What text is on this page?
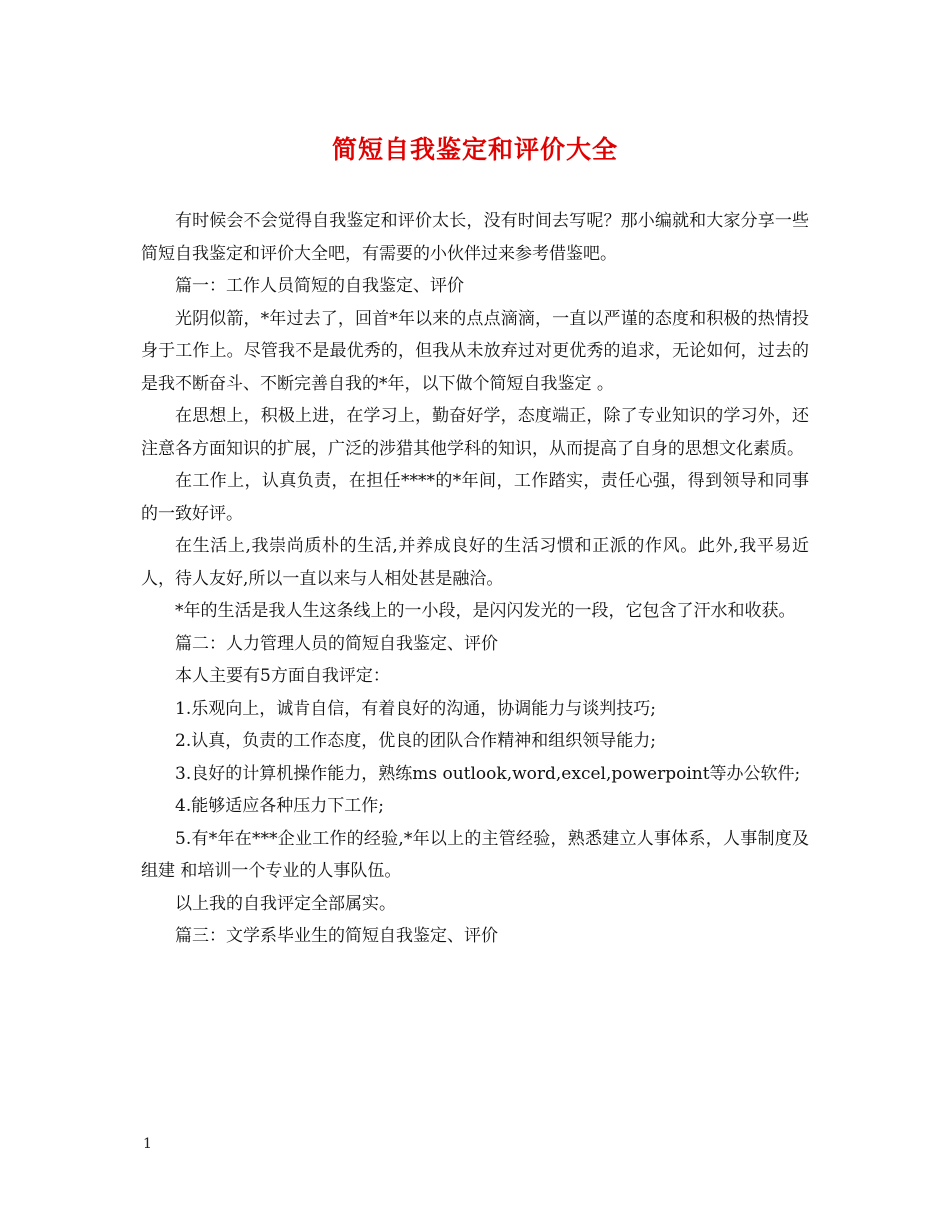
简短自我鉴定和评价大全

有时候会不会觉得自我鉴定和评价太长，没有时间去写呢？那小编就和大家分享一些简短自我鉴定和评价大全吧，有需要的小伙伴过来参考借鉴吧。

篇一：工作人员简短的自我鉴定、评价

光阴似箭，*年过去了，回首*年以来的点点滴滴，一直以严谨的态度和积极的热情投身于工作上。尽管我不是最优秀的，但我从未放弃过对更优秀的追求，无论如何，过去的是我不断奋斗、不断完善自我的*年，以下做个简短自我鉴定 。

在思想上，积极上进，在学习上，勤奋好学，态度端正，除了专业知识的学习外，还注意各方面知识的扩展，广泛的涉猎其他学科的知识，从而提高了自身的思想文化素质。

在工作上，认真负责，在担任****的*年间，工作踏实，责任心强，得到领导和同事的一致好评。

在生活上,我崇尚质朴的生活,并养成良好的生活习惯和正派的作风。此外,我平易近人，待人友好,所以一直以来与人相处甚是融洽。

*年的生活是我人生这条线上的一小段，是闪闪发光的一段，它包含了汗水和收获。

篇二：人力管理人员的简短自我鉴定、评价

本人主要有5方面自我评定：

1.乐观向上，诚肯自信，有着良好的沟通，协调能力与谈判技巧;

2.认真，负责的工作态度，优良的团队合作精神和组织领导能力;

3.良好的计算机操作能力，熟练ms outlook,word,excel,powerpoint等办公软件;

4.能够适应各种压力下工作;

5.有*年在***企业工作的经验,*年以上的主管经验，熟悉建立人事体系，人事制度及组建 和培训一个专业的人事队伍。

以上我的自我评定全部属实。

篇三：文学系毕业生的简短自我鉴定、评价

1
